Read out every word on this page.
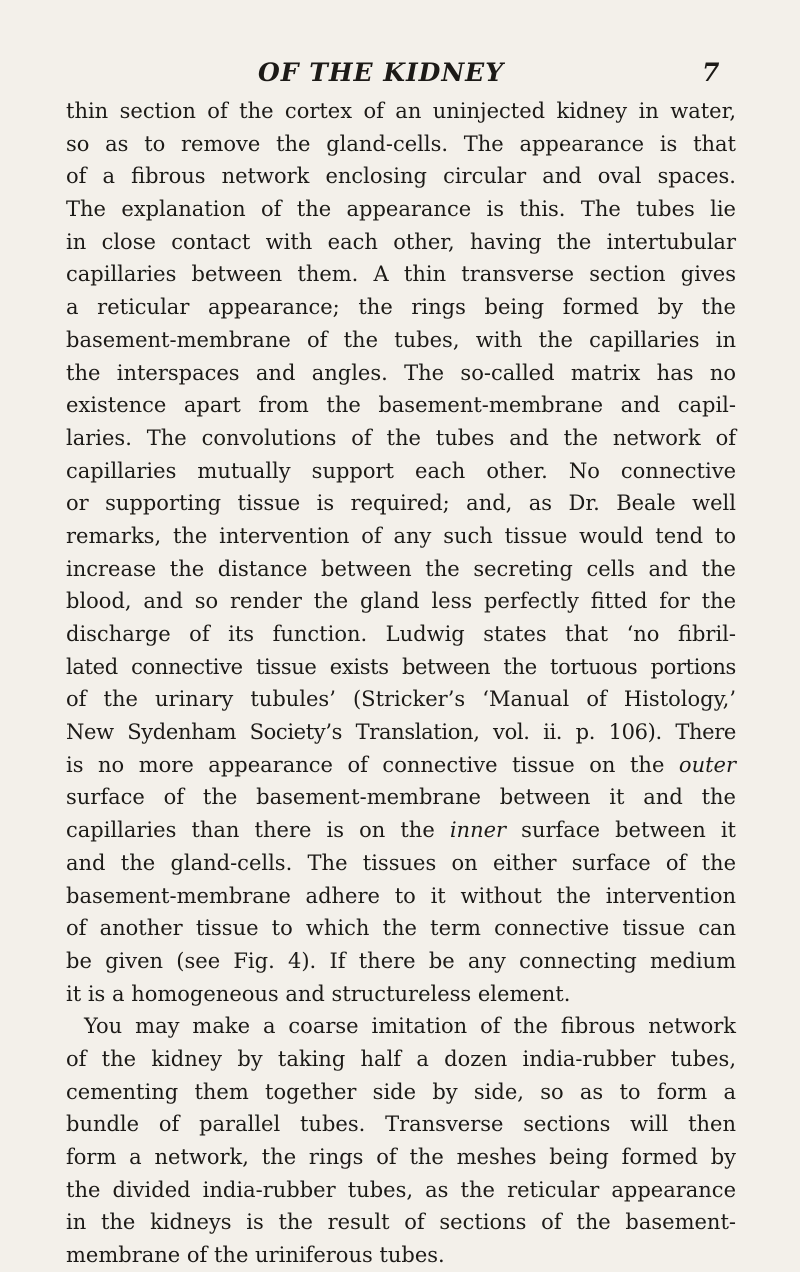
OF THE KIDNEY	7
thin section of the cortex of an uninjected kidney in water,
so as to remove the gland-cells. The appearance is that
of a fibrous network enclosing circular and oval spaces.
The explanation of the appearance is this. The tubes lie
in close contact with each other, having the intertubular
capillaries between them. A thin transverse section gives
a reticular appearance; the rings being formed by the
basement-membrane of the tubes, with the capillaries in
the interspaces and angles. The so-called matrix has no
existence apart from the basement-membrane and capil-
laries. The convolutions of the tubes and the network of
capillaries mutually support each other. No connective
or supporting tissue is required; and, as Dr. Beale well
remarks, the intervention of any such tissue would tend to
increase the distance between the secreting cells and the
blood, and so render the gland less perfectly fitted for the
discharge of its function. Ludwig states that ‘no fibril-
lated connective tissue exists between the tortuous portions
of the urinary tubules’ (Stricker’s ‘Manual of Histology,’
New Sydenham Society’s Translation, vol. ii. p. 106). There
is no more appearance of connective tissue on the outer
surface of the basement-membrane between it and the
capillaries than there is on the inner surface between it
and the gland-cells. The tissues on either surface of the
basement-membrane adhere to it without the intervention
of another tissue to which the term connective tissue can
be given (see Fig. 4). If there be any connecting medium
it is a homogeneous and structureless element.
You may make a coarse imitation of the fibrous network
of the kidney by taking half a dozen india-rubber tubes,
cementing them together side by side, so as to form a
bundle of parallel tubes. Transverse sections will then
form a network, the rings of the meshes being formed by
the divided india-rubber tubes, as the reticular appearance
in the kidneys is the result of sections of the basement-
membrane of the uriniferous tubes.
